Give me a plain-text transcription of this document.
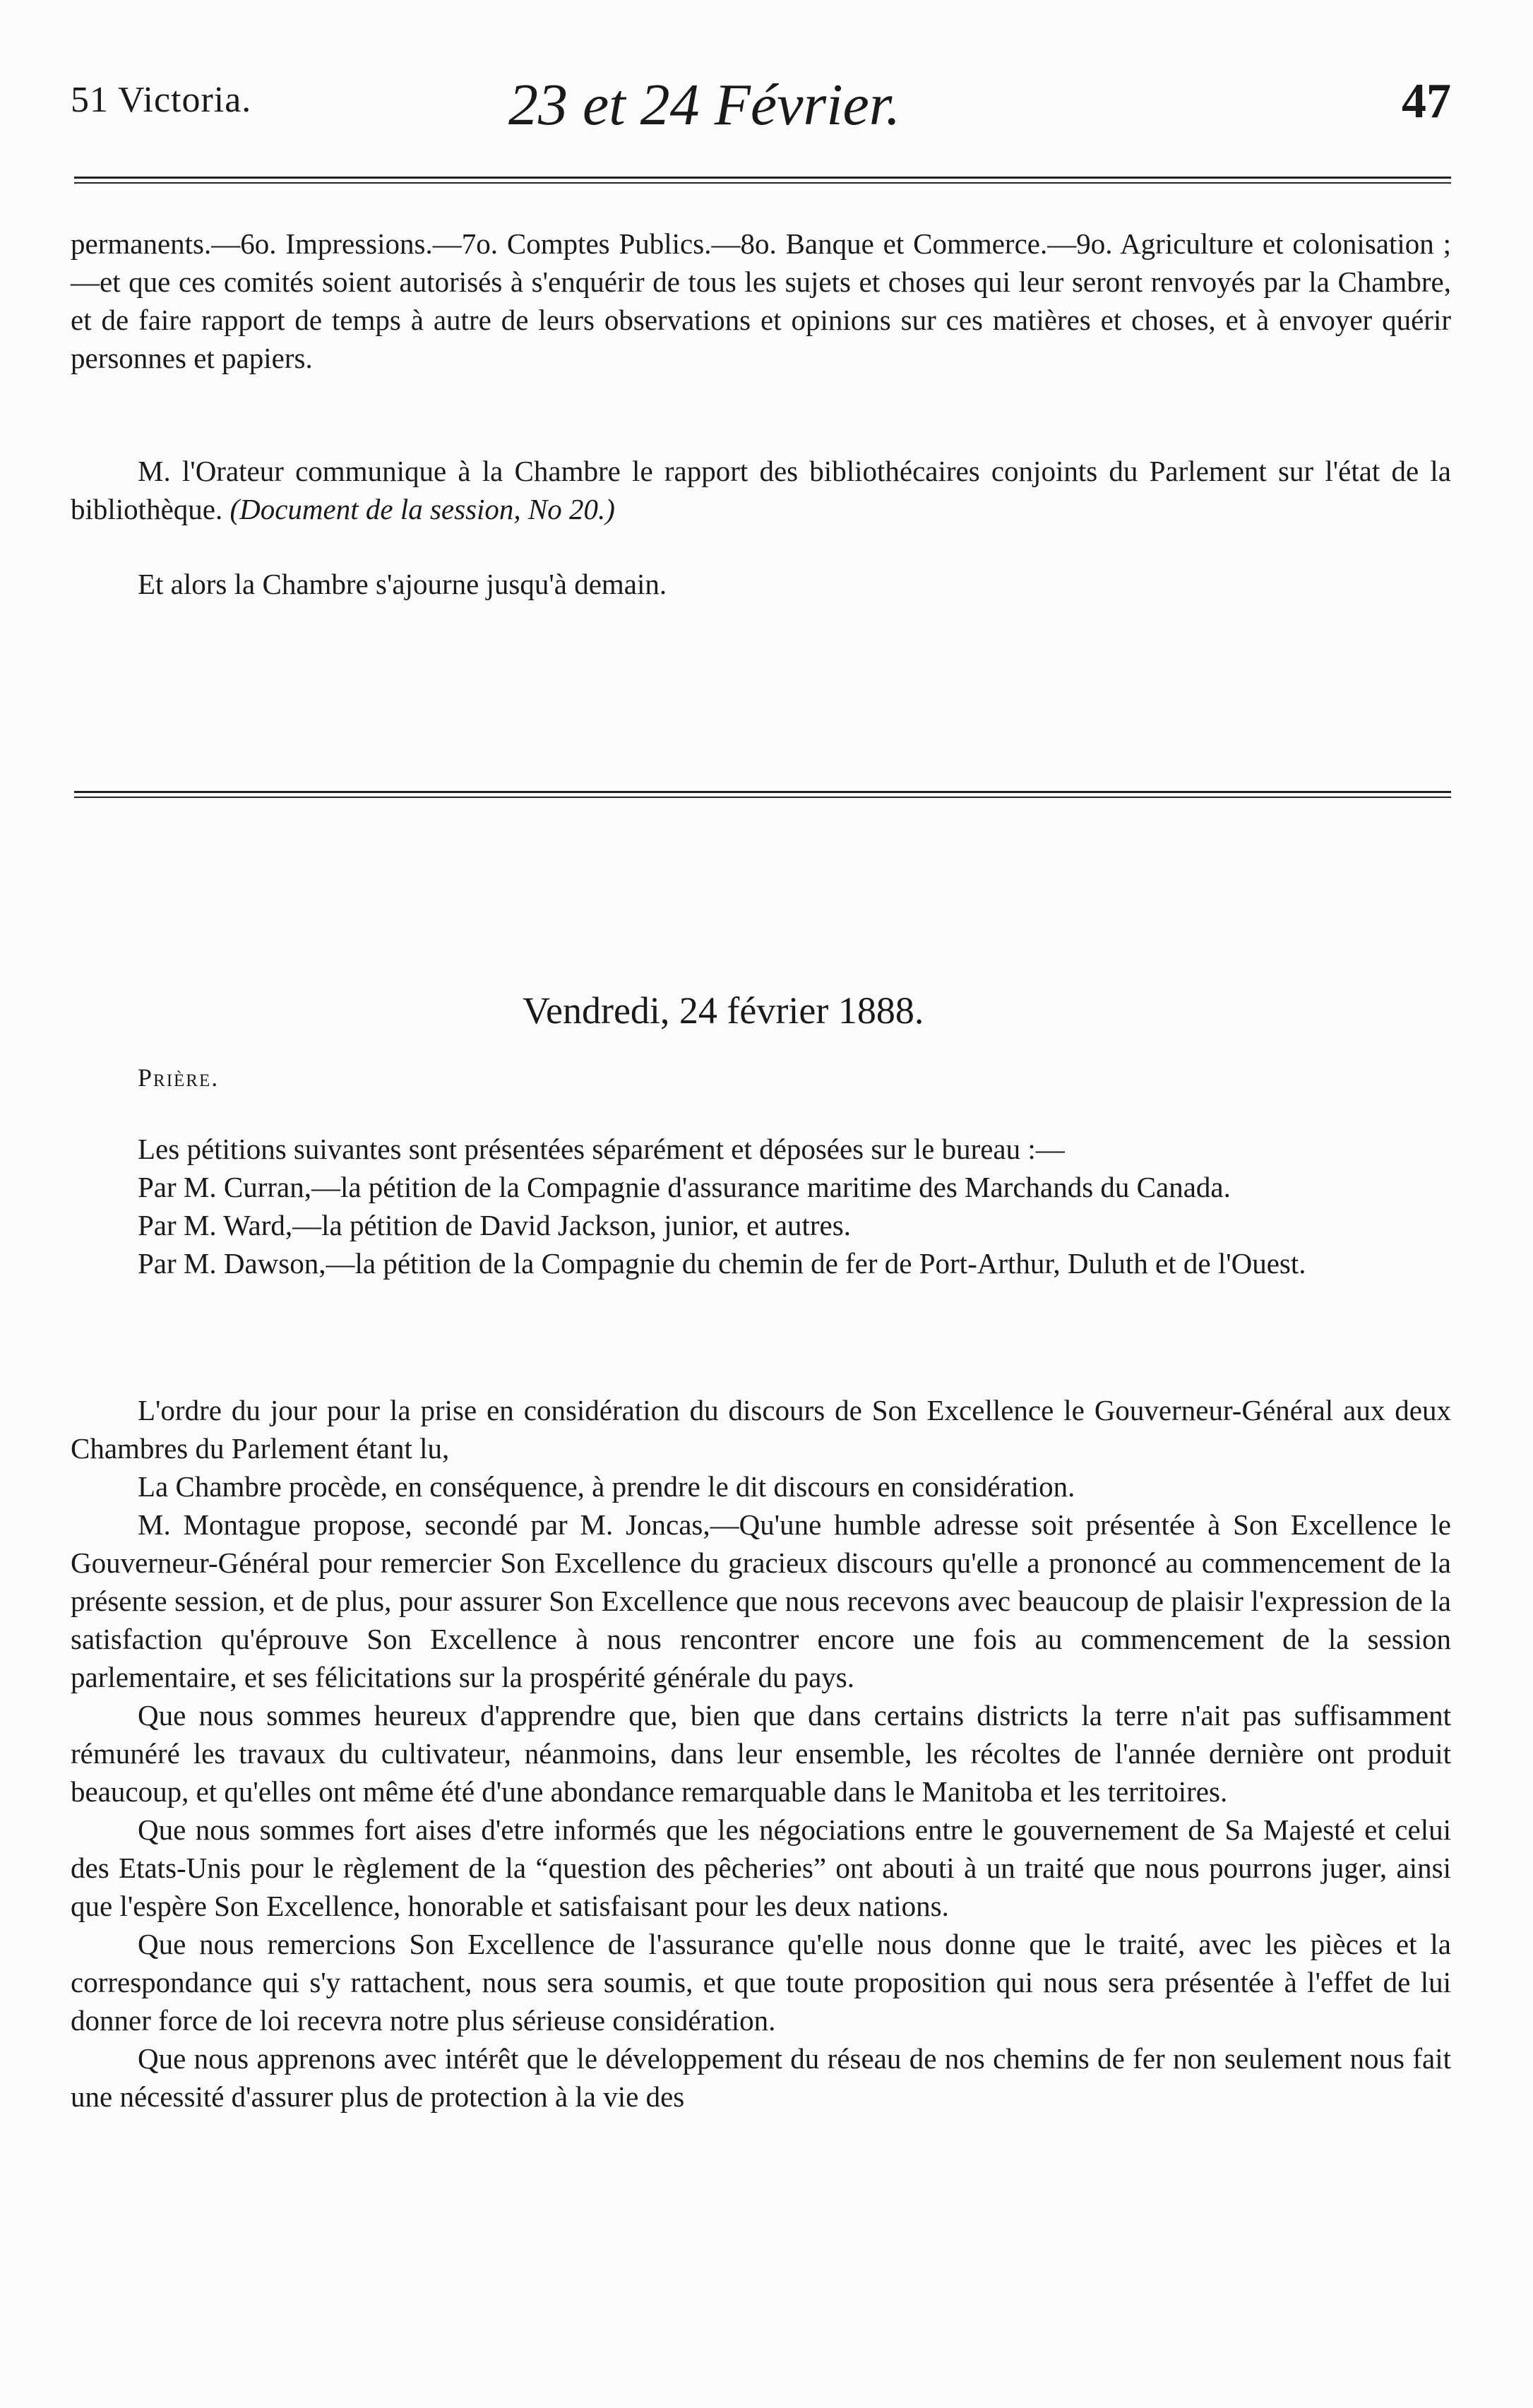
51 Victoria.	23 et 24 Février.	47

permanents.—6o. Impressions.—7o. Comptes Publics.—8o. Banque et Commerce.—9o. Agriculture et colonisation ;—et que ces comités soient autorisés à s'enquérir de tous les sujets et choses qui leur seront renvoyés par la Chambre, et de faire rapport de temps à autre de leurs observations et opinions sur ces matières et choses, et à envoyer quérir personnes et papiers.

M. l'Orateur communique à la Chambre le rapport des bibliothécaires conjoints du Parlement sur l'état de la bibliothèque. (Document de la session, No 20.)

Et alors la Chambre s'ajourne jusqu'à demain.

Vendredi, 24 février 1888.
Prière.

Les pétitions suivantes sont présentées séparément et déposées sur le bureau :—

Par M. Curran,—la pétition de la Compagnie d'assurance maritime des Marchands du Canada.

Par M. Ward,—la pétition de David Jackson, junior, et autres.

Par M. Dawson,—la pétition de la Compagnie du chemin de fer de Port-Arthur, Duluth et de l'Ouest.

L'ordre du jour pour la prise en considération du discours de Son Excellence le Gouverneur-Général aux deux Chambres du Parlement étant lu,

La Chambre procède, en conséquence, à prendre le dit discours en considération.

M. Montague propose, secondé par M. Joncas,—Qu'une humble adresse soit présentée à Son Excellence le Gouverneur-Général pour remercier Son Excellence du gracieux discours qu'elle a prononcé au commencement de la présente session, et de plus, pour assurer Son Excellence que nous recevons avec beaucoup de plaisir l'expression de la satisfaction qu'éprouve Son Excellence à nous rencontrer encore une fois au commencement de la session parlementaire, et ses félicitations sur la prospérité générale du pays.

Que nous sommes heureux d'apprendre que, bien que dans certains districts la terre n'ait pas suffisamment rémunéré les travaux du cultivateur, néanmoins, dans leur ensemble, les récoltes de l'année dernière ont produit beaucoup, et qu'elles ont même été d'une abondance remarquable dans le Manitoba et les territoires.

Que nous sommes fort aises d'etre informés que les négociations entre le gouvernement de Sa Majesté et celui des Etats-Unis pour le règlement de la “question des pêcheries” ont abouti à un traité que nous pourrons juger, ainsi que l'espère Son Excellence, honorable et satisfaisant pour les deux nations.

Que nous remercions Son Excellence de l'assurance qu'elle nous donne que le traité, avec les pièces et la correspondance qui s'y rattachent, nous sera soumis, et que toute proposition qui nous sera présentée à l'effet de lui donner force de loi recevra notre plus sérieuse considération.

Que nous apprenons avec intérêt que le développement du réseau de nos chemins de fer non seulement nous fait une nécessité d'assurer plus de protection à la vie des
